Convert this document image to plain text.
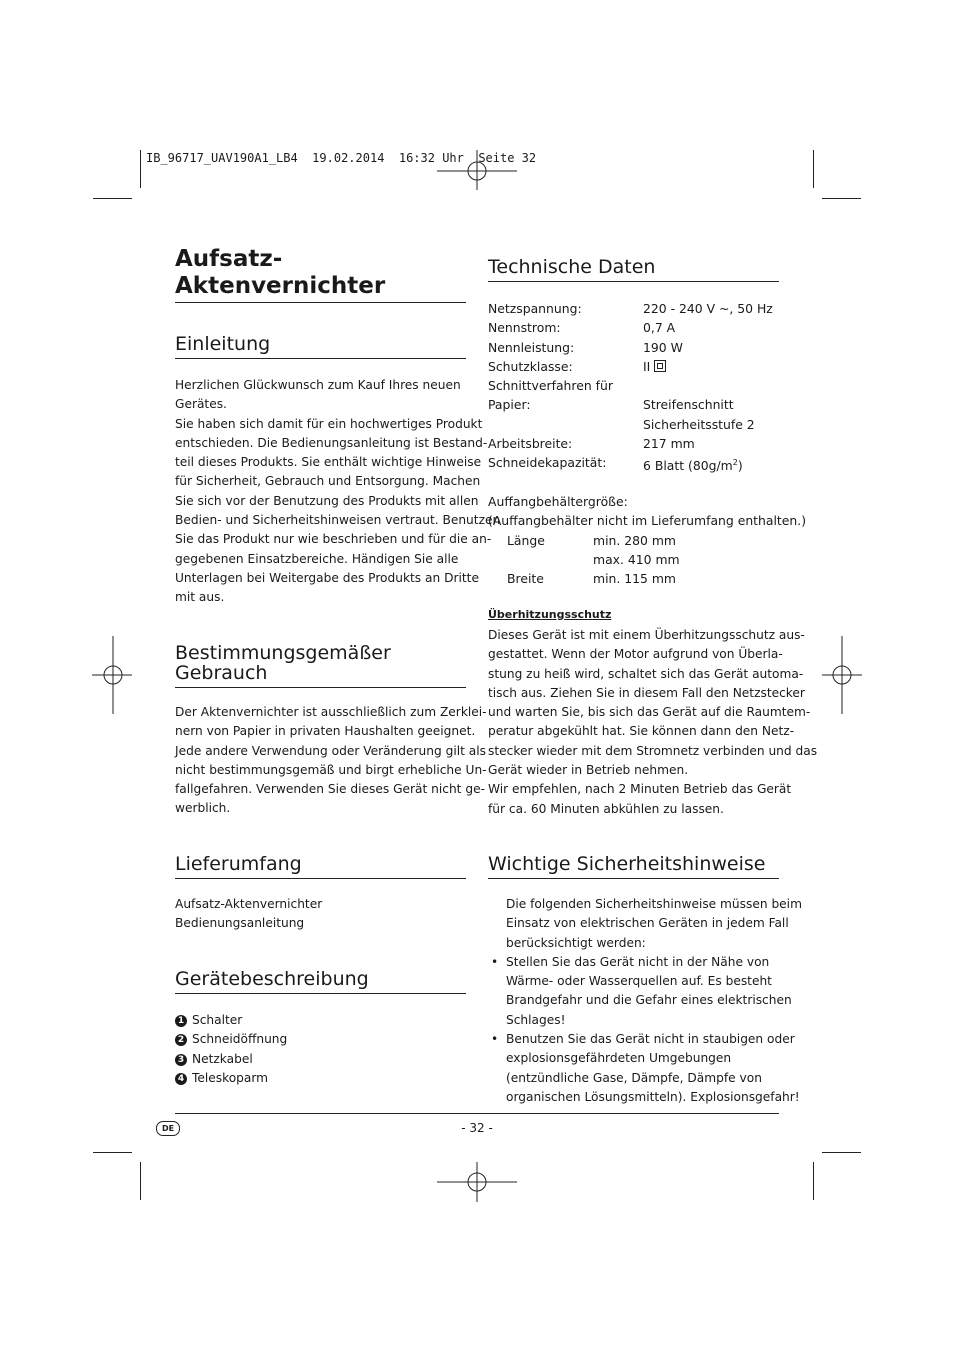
IB_96717_UAV190A1_LB4  19.02.2014  16:32 Uhr  Seite 32
Aufsatz-
Aktenvernichter
Einleitung
Herzlichen Glückwunsch zum Kauf Ihres neuen
Gerätes.
Sie haben sich damit für ein hochwertiges Produkt
entschieden. Die Bedienungsanleitung ist Bestand-
teil dieses Produkts. Sie enthält wichtige Hinweise
für Sicherheit, Gebrauch und Entsorgung. Machen
Sie sich vor der Benutzung des Produkts mit allen
Bedien- und Sicherheitshinweisen vertraut. Benutzen
Sie das Produkt nur wie beschrieben und für die an-
gegebenen Einsatzbereiche. Händigen Sie alle
Unterlagen bei Weitergabe des Produkts an Dritte
mit aus.
Bestimmungsgemäßer
Gebrauch
Der Aktenvernichter ist ausschließlich zum Zerklei-
nern von Papier in privaten Haushalten geeignet.
Jede andere Verwendung oder Veränderung gilt als
nicht bestimmungsgemäß und birgt erhebliche Un-
fallgefahren. Verwenden Sie dieses Gerät nicht ge-
werblich.
Lieferumfang
Aufsatz-Aktenvernichter
Bedienungsanleitung
Gerätebeschreibung
1 Schalter
2 Schneidöffnung
3 Netzkabel
4 Teleskoparm
Technische Daten
Netzspannung:	220 - 240 V ~, 50 Hz
Nennstrom:	0,7 A
Nennleistung:	190 W
Schutzklasse:	II
Schnittverfahren für
Papier:	Streifenschnitt
Sicherheitsstufe 2
Arbeitsbreite:	217 mm
Schneidekapazität:	6 Blatt $(80g/m^2)$
Auffangbehältergröße:
(Auffangbehälter nicht im Lieferumfang enthalten.)
Länge	min. 280 mm
max. 410 mm
Breite	min. 115 mm
Überhitzungsschutz
Dieses Gerät ist mit einem Überhitzungsschutz aus-
gestattet. Wenn der Motor aufgrund von Überla-
stung zu heiß wird, schaltet sich das Gerät automa-
tisch aus. Ziehen Sie in diesem Fall den Netzstecker
und warten Sie, bis sich das Gerät auf die Raumtem-
peratur abgekühlt hat. Sie können dann den Netz-
stecker wieder mit dem Stromnetz verbinden und das
Gerät wieder in Betrieb nehmen.
Wir empfehlen, nach 2 Minuten Betrieb das Gerät
für ca. 60 Minuten abkühlen zu lassen.
Wichtige Sicherheitshinweise
Die folgenden Sicherheitshinweise müssen beim
Einsatz von elektrischen Geräten in jedem Fall
berücksichtigt werden:
• Stellen Sie das Gerät nicht in der Nähe von
Wärme- oder Wasserquellen auf. Es besteht
Brandgefahr und die Gefahr eines elektrischen
Schlages!
• Benutzen Sie das Gerät nicht in staubigen oder
explosionsgefährdeten Umgebungen
(entzündliche Gase, Dämpfe, Dämpfe von
organischen Lösungsmitteln). Explosionsgefahr!
DE	- 32 -
